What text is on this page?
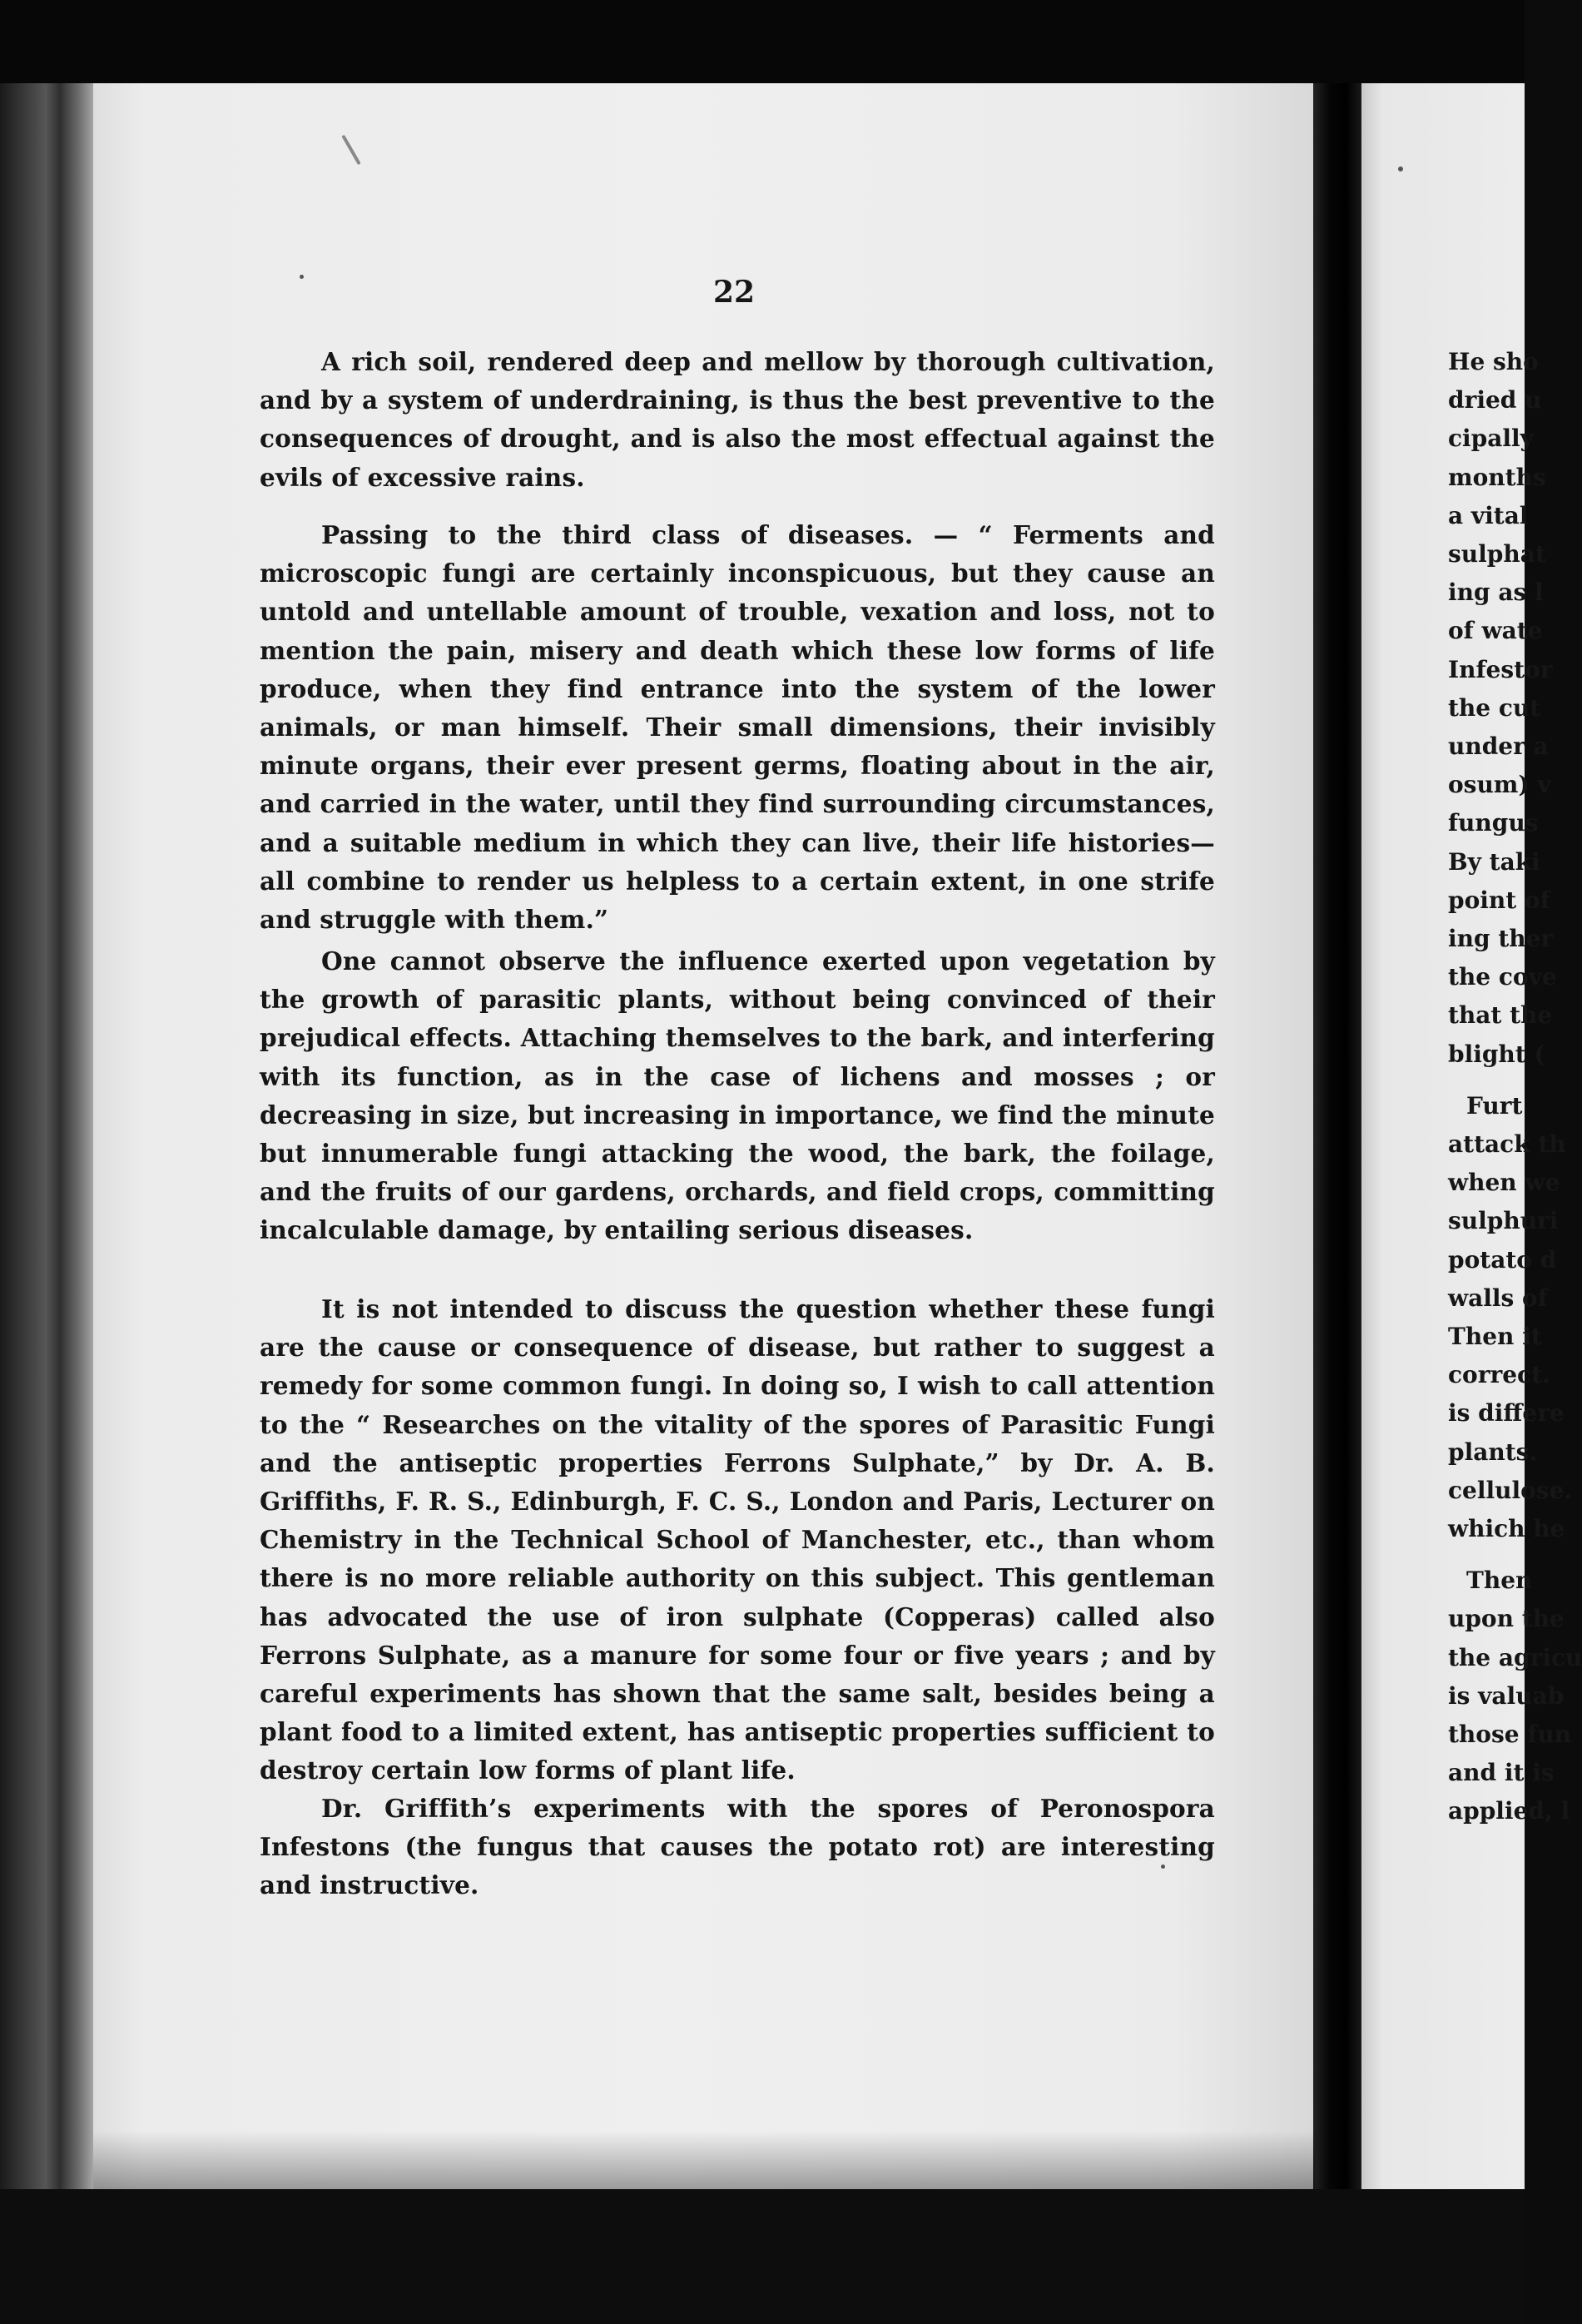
22

A rich soil, rendered deep and mellow by thorough cultivation, and by a system of underdraining, is thus the best preventive to the consequences of drought, and is also the most effectual against the evils of excessive rains.

Passing to the third class of diseases. — “ Ferments and microscopic fungi are certainly inconspicuous, but they cause an untold and untellable amount of trouble, vexation and loss, not to mention the pain, misery and death which these low forms of life produce, when they find entrance into the system of the lower animals, or man himself. Their small dimensions, their invisibly minute organs, their ever present germs, floating about in the air, and carried in the water, until they find surrounding circumstances, and a suitable medium in which they can live, their life histories—all combine to render us helpless to a certain extent, in one strife and struggle with them.”

One cannot observe the influence exerted upon vegetation by the growth of parasitic plants, without being convinced of their prejudical effects. Attaching themselves to the bark, and interfering with its function, as in the case of lichens and mosses ; or decreasing in size, but increasing in importance, we find the minute but innumerable fungi attacking the wood, the bark, the foilage, and the fruits of our gardens, orchards, and field crops, committing incalculable damage, by entailing serious diseases.

It is not intended to discuss the question whether these fungi are the cause or consequence of disease, but rather to suggest a remedy for some common fungi. In doing so, I wish to call attention to the “ Researches on the vitality of the spores of Parasitic Fungi and the antiseptic properties Ferrons Sulphate,” by Dr. A. B. Griffiths, F. R. S., Edinburgh, F. C. S., London and Paris, Lecturer on Chemistry in the Technical School of Manchester, etc., than whom there is no more reliable authority on this subject. This gentleman has advocated the use of iron sulphate (Copperas) called also Ferrons Sulphate, as a manure for some four or five years ; and by careful experiments has shown that the same salt, besides being a plant food to a limited extent, has antiseptic properties sufficient to destroy certain low forms of plant life.

Dr. Griffith’s experiments with the spores of Peronospora Infestons (the fungus that causes the potato rot) are interesting and instructive.

He sho
dried u
cipally
months
a vital
sulphat
ing as l
of wate
Infestor
the cut
under a
osum) v
fungus
By taki
point of
ing ther
the cove
that the
blight (
Furt
attack th
when we
sulphuri
potato d
walls of
Then it
correct.
is differe
plants.
cellulose.
which he
Then
upon the
the agricu
is valuab
those fun
and it is
applied, l
